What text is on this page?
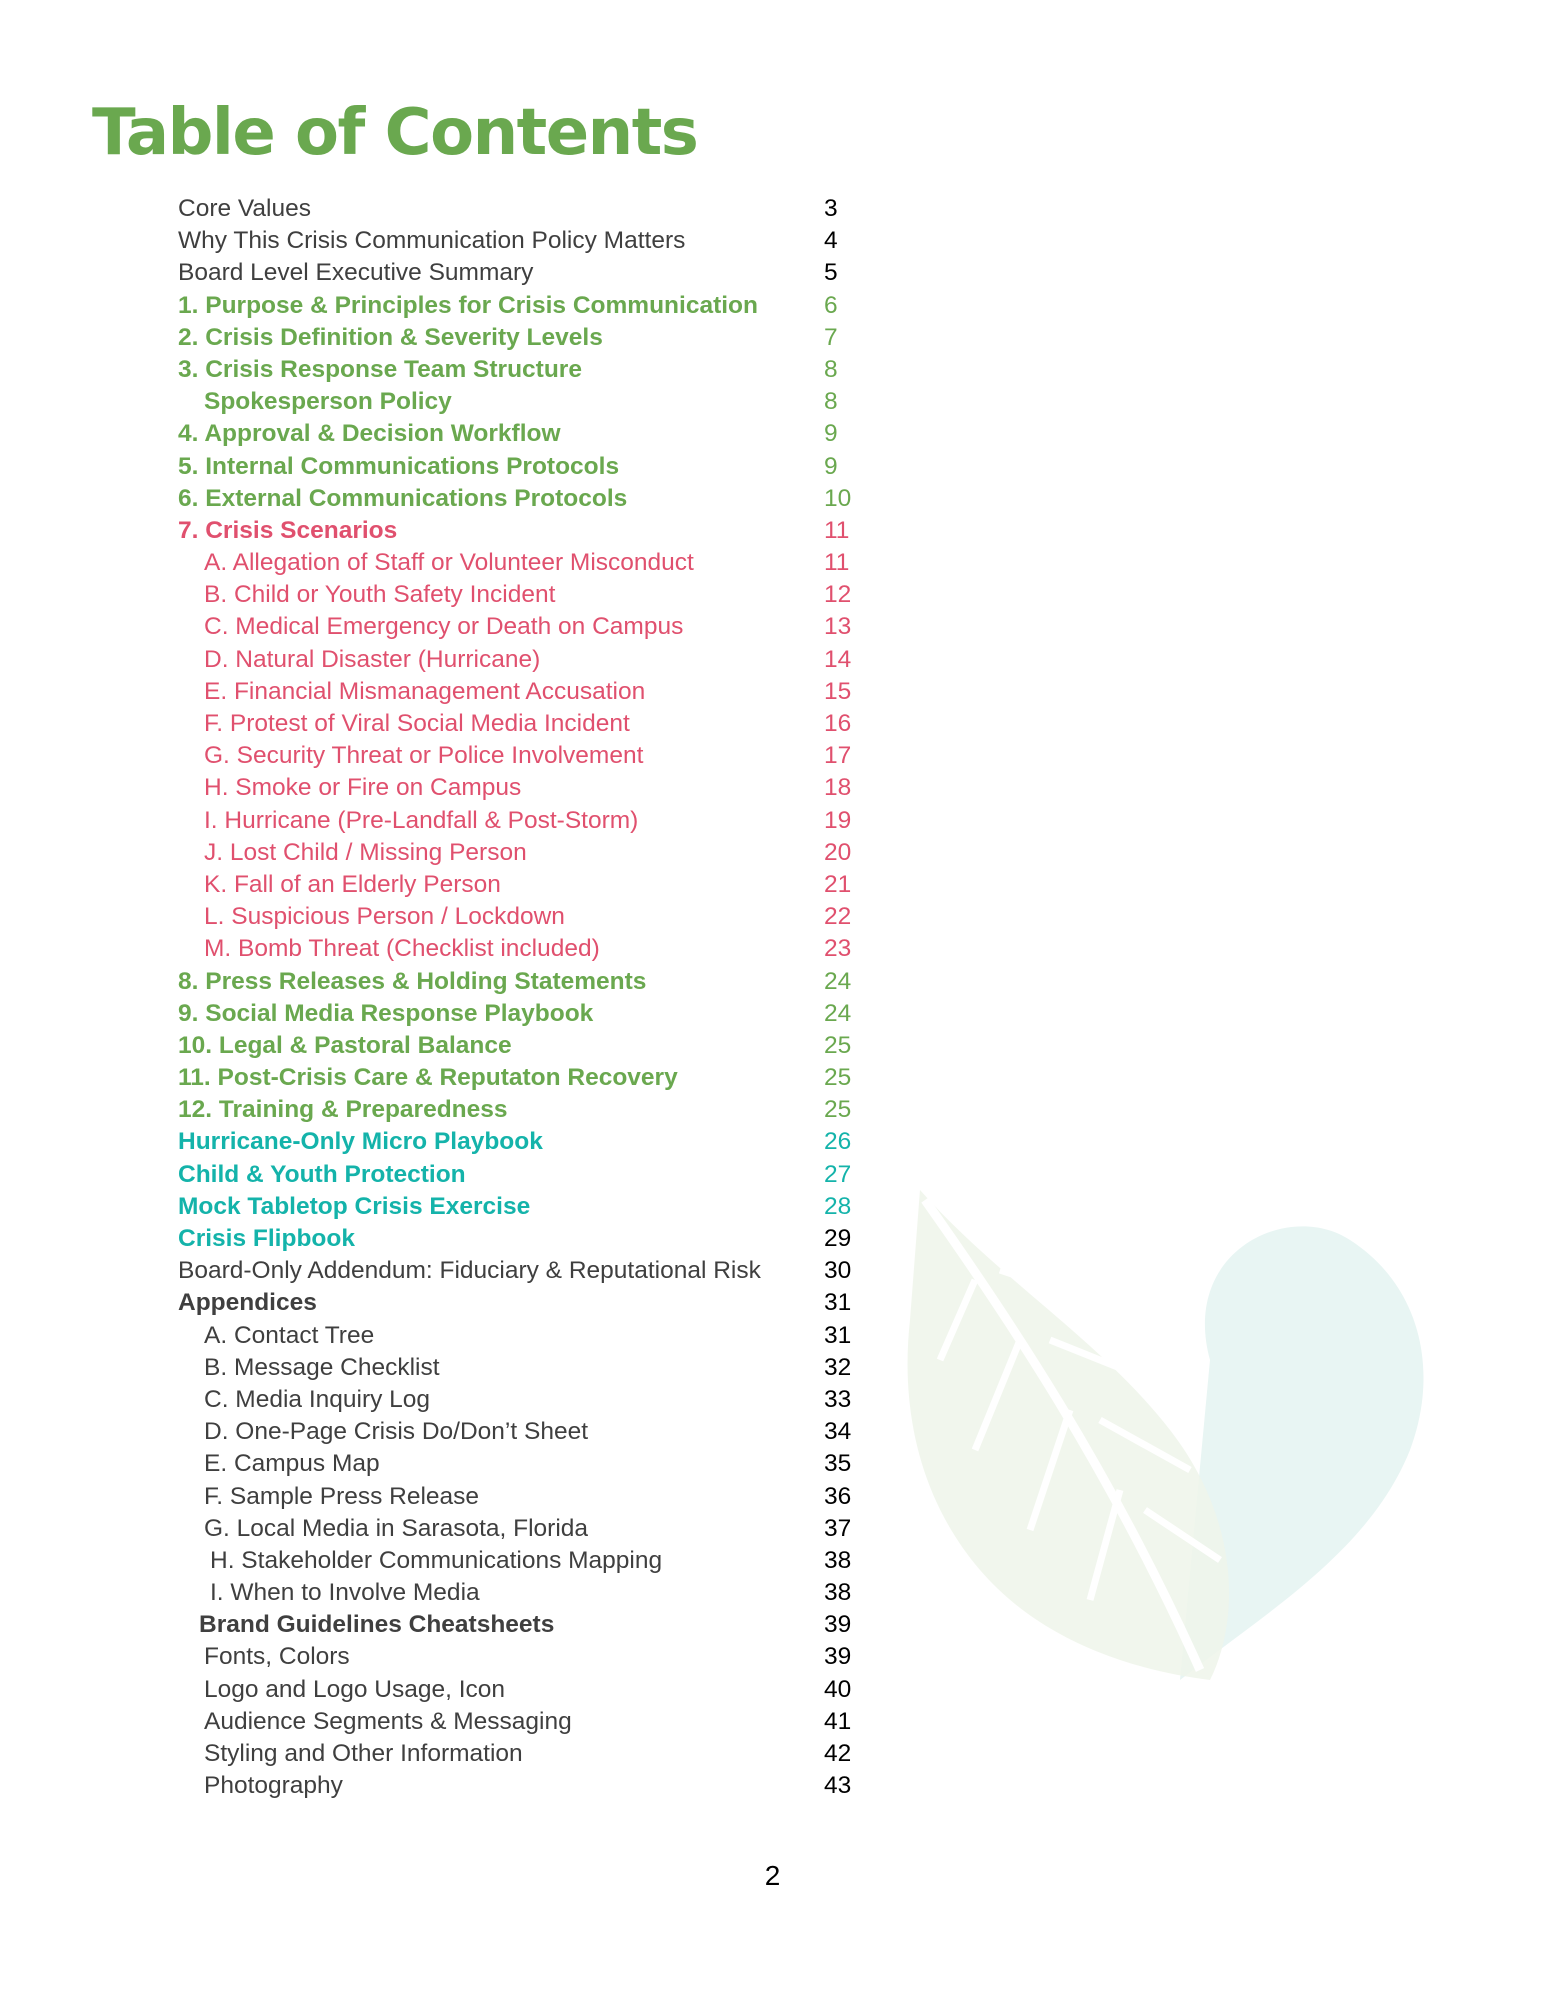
Table of Contents
Core Values	3
Why This Crisis Communication Policy Matters	4
Board Level Executive Summary	5
1. Purpose & Principles for Crisis Communication	6
2. Crisis Definition & Severity Levels	7
3. Crisis Response Team Structure	8
Spokesperson Policy	8
4. Approval & Decision Workflow	9
5. Internal Communications Protocols	9
6. External Communications Protocols	10
7. Crisis Scenarios	11
A. Allegation of Staff or Volunteer Misconduct	11
B. Child or Youth Safety Incident	12
C. Medical Emergency or Death on Campus	13
D. Natural Disaster (Hurricane)	14
E. Financial Mismanagement Accusation	15
F. Protest of Viral Social Media Incident	16
G. Security Threat or Police Involvement	17
H. Smoke or Fire on Campus	18
I. Hurricane (Pre-Landfall & Post-Storm)	19
J. Lost Child / Missing Person	20
K. Fall of an Elderly Person	21
L. Suspicious Person / Lockdown	22
M. Bomb Threat (Checklist included)	23
8. Press Releases & Holding Statements	24
9. Social Media Response Playbook	24
10. Legal & Pastoral Balance	25
11. Post-Crisis Care & Reputaton Recovery	25
12. Training & Preparedness	25
Hurricane-Only Micro Playbook	26
Child & Youth Protection	27
Mock Tabletop Crisis Exercise	28
Crisis Flipbook	29
Board-Only Addendum: Fiduciary & Reputational Risk	30
Appendices	31
A. Contact Tree	31
B. Message Checklist	32
C. Media Inquiry Log	33
D. One-Page Crisis Do/Don’t Sheet	34
E. Campus Map	35
F. Sample Press Release	36
G. Local Media in Sarasota, Florida	37
H. Stakeholder Communications Mapping	38
I. When to Involve Media	38
Brand Guidelines Cheatsheets	39
Fonts, Colors	39
Logo and Logo Usage, Icon	40
Audience Segments & Messaging	41
Styling and Other Information	42
Photography	43
2
